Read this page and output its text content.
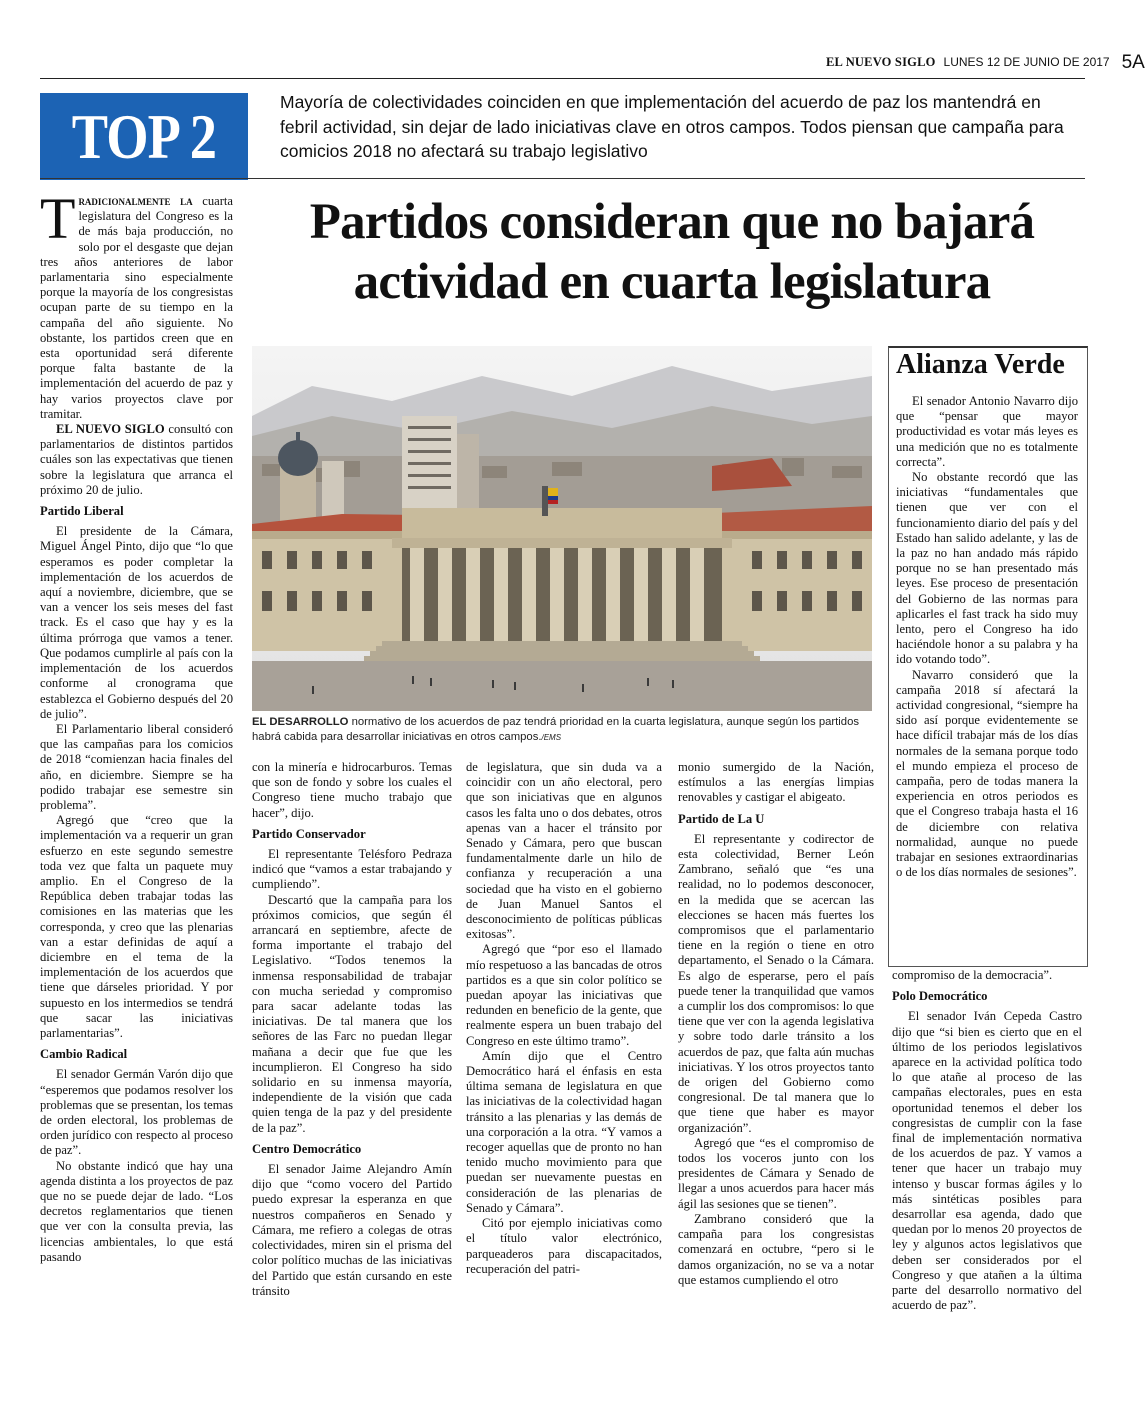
EL NUEVO SIGLO LUNES 12 DE JUNIO DE 2017 5A
TOP 2	Mayoría de colectividades coinciden en que implementación del acuerdo de paz los mantendrá en febril actividad, sin dejar de lado iniciativas clave en otros campos. Todos piensan que campaña para comicios 2018 no afectará su trabajo legislativo
Partidos consideran que no bajará actividad en cuarta legislatura

Tradicionalmente la cuarta legislatura del Congreso es la de más baja producción, no solo por el desgaste que dejan tres años anteriores de labor parlamentaria sino especialmente porque la mayoría de los congresistas ocupan parte de su tiempo en la campaña del año siguiente. No obstante, los partidos creen que en esta oportunidad será diferente porque falta bastante de la implementación del acuerdo de paz y hay varios proyectos clave por tramitar.

EL NUEVO SIGLO consultó con parlamentarios de distintos partidos cuáles son las expectativas que tienen sobre la legislatura que arranca el próximo 20 de julio.

Partido Liberal

El presidente de la Cámara, Miguel Ángel Pinto, dijo que “lo que esperamos es poder completar la implementación de los acuerdos de aquí a noviembre, diciembre, que se van a vencer los seis meses del fast track. Es el caso que hay y es la última prórroga que vamos a tener. Que podamos cumplirle al país con la implementación de los acuerdos conforme al cronograma que establezca el Gobierno después del 20 de julio”.

El Parlamentario liberal consideró que las campañas para los comicios de 2018 “comienzan hacia finales del año, en diciembre. Siempre se ha podido trabajar ese semestre sin problema”.

Agregó que “creo que la implementación va a requerir un gran esfuerzo en este segundo semestre toda vez que falta un paquete muy amplio. En el Congreso de la República deben trabajar todas las comisiones en las materias que les corresponda, y creo que las plenarias van a estar definidas de aquí a diciembre en el tema de la implementación de los acuerdos que tiene que dárseles prioridad. Y por supuesto en los intermedios se tendrá que sacar las iniciativas parlamentarias”.

Cambio Radical

El senador Germán Varón dijo que “esperemos que podamos resolver los problemas que se presentan, los temas de orden electoral, los problemas de orden jurídico con respecto al proceso de paz”.

No obstante indicó que hay una agenda distinta a los proyectos de paz que no se puede dejar de lado. “Los decretos reglamentarios que tienen que ver con la consulta previa, las licencias ambientales, lo que está pasando

EL DESARROLLO normativo de los acuerdos de paz tendrá prioridad en la cuarta legislatura, aunque según los partidos habrá cabida para desarrollar iniciativas en otros campos./EMS

con la minería e hidrocarburos. Temas que son de fondo y sobre los cuales el Congreso tiene mucho trabajo que hacer”, dijo.

Partido Conservador

El representante Telésforo Pedraza indicó que “vamos a estar trabajando y cumpliendo”.

Descartó que la campaña para los próximos comicios, que según él arrancará en septiembre, afecte de forma importante el trabajo del Legislativo. “Todos tenemos la inmensa responsabilidad de trabajar con mucha seriedad y compromiso para sacar adelante todas las iniciativas. De tal manera que los señores de las Farc no puedan llegar mañana a decir que fue que les incumplieron. El Congreso ha sido solidario en su inmensa mayoría, independiente de la visión que cada quien tenga de la paz y del presidente de la paz”.

Centro Democrático

El senador Jaime Alejandro Amín dijo que “como vocero del Partido puedo expresar la esperanza en que nuestros compañeros en Senado y Cámara, me refiero a colegas de otras colectividades, miren sin el prisma del color político muchas de las iniciativas del Partido que están cursando en este tránsito

de legislatura, que sin duda va a coincidir con un año electoral, pero que son iniciativas que en algunos casos les falta uno o dos debates, otros apenas van a hacer el tránsito por Senado y Cámara, pero que buscan fundamentalmente darle un hilo de confianza y recuperación a una sociedad que ha visto en el gobierno de Juan Manuel Santos el desconocimiento de políticas públicas exitosas”.

Agregó que “por eso el llamado mío respetuoso a las bancadas de otros partidos es a que sin color político se puedan apoyar las iniciativas que redunden en beneficio de la gente, que realmente espera un buen trabajo del Congreso en este último tramo”.

Amín dijo que el Centro Democrático hará el énfasis en esta última semana de legislatura en que las iniciativas de la colectividad hagan tránsito a las plenarias y las demás de una corporación a la otra. “Y vamos a recoger aquellas que de pronto no han tenido mucho movimiento para que puedan ser nuevamente puestas en consideración de las plenarias de Senado y Cámara”.

Citó por ejemplo iniciativas como el título valor electrónico, parqueaderos para discapacitados, recuperación del patri-

monio sumergido de la Nación, estímulos a las energías limpias renovables y castigar el abigeato.

Partido de La U

El representante y codirector de esta colectividad, Berner León Zambrano, señaló que “es una realidad, no lo podemos desconocer, en la medida que se acercan las elecciones se hacen más fuertes los compromisos que el parlamentario tiene en la región o tiene en otro departamento, el Senado o la Cámara. Es algo de esperarse, pero el país puede tener la tranquilidad que vamos a cumplir los dos compromisos: lo que tiene que ver con la agenda legislativa y sobre todo darle tránsito a los acuerdos de paz, que falta aún muchas iniciativas. Y los otros proyectos tanto de origen del Gobierno como congresional. De tal manera que lo que tiene que haber es mayor organización”.

Agregó que “es el compromiso de todos los voceros junto con los presidentes de Cámara y Senado de llegar a unos acuerdos para hacer más ágil las sesiones que se tienen”.

Zambrano consideró que la campaña para los congresistas comenzará en octubre, “pero si le damos organización, no se va a notar que estamos cumpliendo el otro

Alianza Verde

El senador Antonio Navarro dijo que “pensar que mayor productividad es votar más leyes es una medición que no es totalmente correcta”.

No obstante recordó que las iniciativas “fundamentales que tienen que ver con el funcionamiento diario del país y del Estado han salido adelante, y las de la paz no han andado más rápido porque no se han presentado más leyes. Ese proceso de presentación del Gobierno de las normas para aplicarles el fast track ha sido muy lento, pero el Congreso ha ido haciéndole honor a su palabra y ha ido votando todo”.

Navarro consideró que la campaña 2018 sí afectará la actividad congresional, “siempre ha sido así porque evidentemente se hace difícil trabajar más de los días normales de la semana porque todo el mundo empieza el proceso de campaña, pero de todas manera la experiencia en otros periodos es que el Congreso trabaja hasta el 16 de diciembre con relativa normalidad, aunque no puede trabajar en sesiones extraordinarias o de los días normales de sesiones”.

compromiso de la democracia”.

Polo Democrático

El senador Iván Cepeda Castro dijo que “si bien es cierto que en el último de los periodos legislativos aparece en la actividad política todo lo que atañe al proceso de las campañas electorales, pues en esta oportunidad tenemos el deber los congresistas de cumplir con la fase final de implementación normativa de los acuerdos de paz. Y vamos a tener que hacer un trabajo muy intenso y buscar formas ágiles y lo más sintéticas posibles para desarrollar esa agenda, dado que quedan por lo menos 20 proyectos de ley y algunos actos legislativos que deben ser considerados por el Congreso y que atañen a la última parte del desarrollo normativo del acuerdo de paz”.
